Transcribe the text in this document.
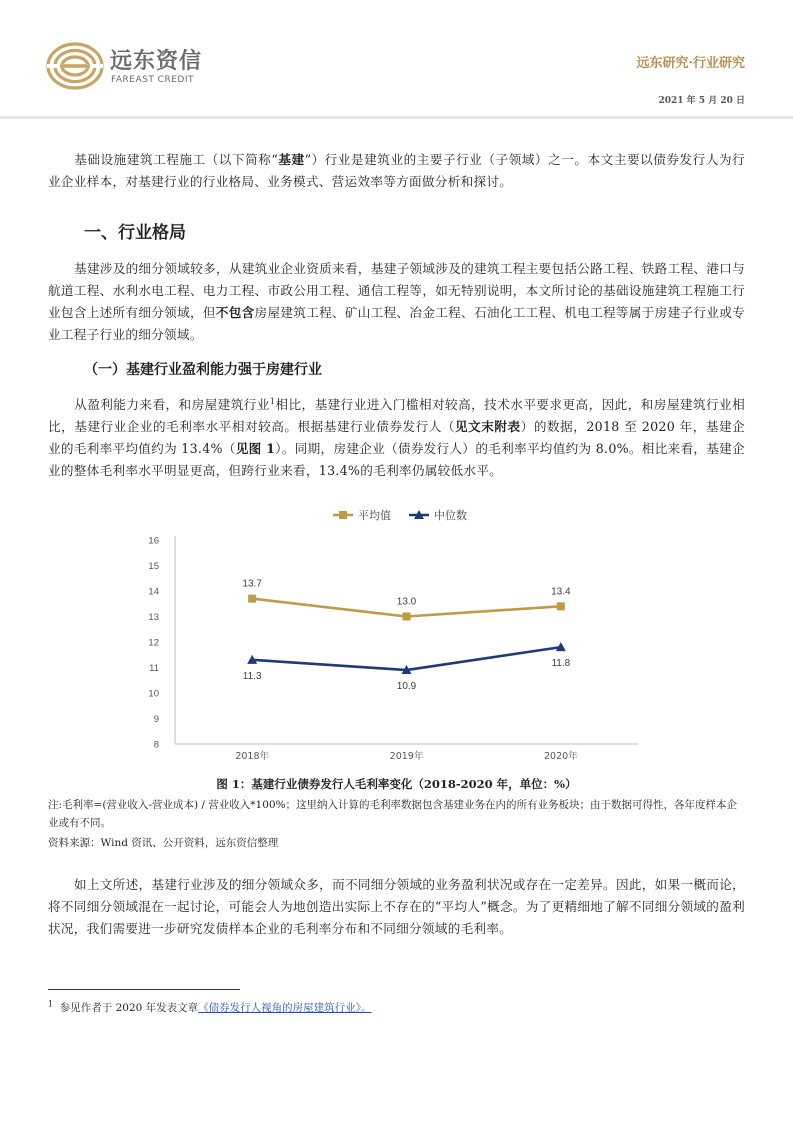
远东资信
FAREAST CREDIT
远东研究·行业研究
2021 年 5 月 20 日

基础设施建筑工程施工（以下简称“基建”）行业是建筑业的主要子行业（子领域）之一。本文主要以债券发行人为行业企业样本，对基建行业的行业格局、业务模式、营运效率等方面做分析和探讨。

一、行业格局

基建涉及的细分领域较多，从建筑业企业资质来看，基建子领域涉及的建筑工程主要包括公路工程、铁路工程、港口与航道工程、水利水电工程、电力工程、市政公用工程、通信工程等，如无特别说明，本文所讨论的基础设施建筑工程施工行业包含上述所有细分领域，但不包含房屋建筑工程、矿山工程、冶金工程、石油化工工程、机电工程等属于房建子行业或专业工程子行业的细分领域。

（一）基建行业盈利能力强于房建行业

从盈利能力来看，和房屋建筑行业$^1$相比，基建行业进入门槛相对较高，技术水平要求更高，因此，和房屋建筑行业相比，基建行业企业的毛利率水平相对较高。根据基建行业债券发行人（见文末附表）的数据，2018 至 2020 年，基建企业的毛利率平均值约为 13.4%（见图 1）。同期，房建企业（债券发行人）的毛利率平均值约为 8.0%。相比来看，基建企业的整体毛利率水平明显更高，但跨行业来看，13.4%的毛利率仍属较低水平。

8
9
10
11
12
13
14
15
16
2018年	2019年	2020年
13.7
13.0
13.4
11.3
10.9
11.8
平均值	中位数
图 1：基建行业债券发行人毛利率变化（2018-2020 年，单位：%）
注:毛利率=(营业收入-营业成本) / 营业收入*100%；这里纳入计算的毛利率数据包含基建业务在内的所有业务板块；由于数据可得性，各年度样本企业或有不同。
资料来源：Wind 资讯、公开资料，远东资信整理

如上文所述，基建行业涉及的细分领域众多，而不同细分领域的业务盈利状况或存在一定差异。因此，如果一概而论，将不同细分领域混在一起讨论，可能会人为地创造出实际上不存在的“平均人”概念。为了更精细地了解不同细分领域的盈利状况，我们需要进一步研究发债样本企业的毛利率分布和不同细分领域的毛利率。

$^1$ 参见作者于 2020 年发表文章《债券发行人视角的房屋建筑行业》。
